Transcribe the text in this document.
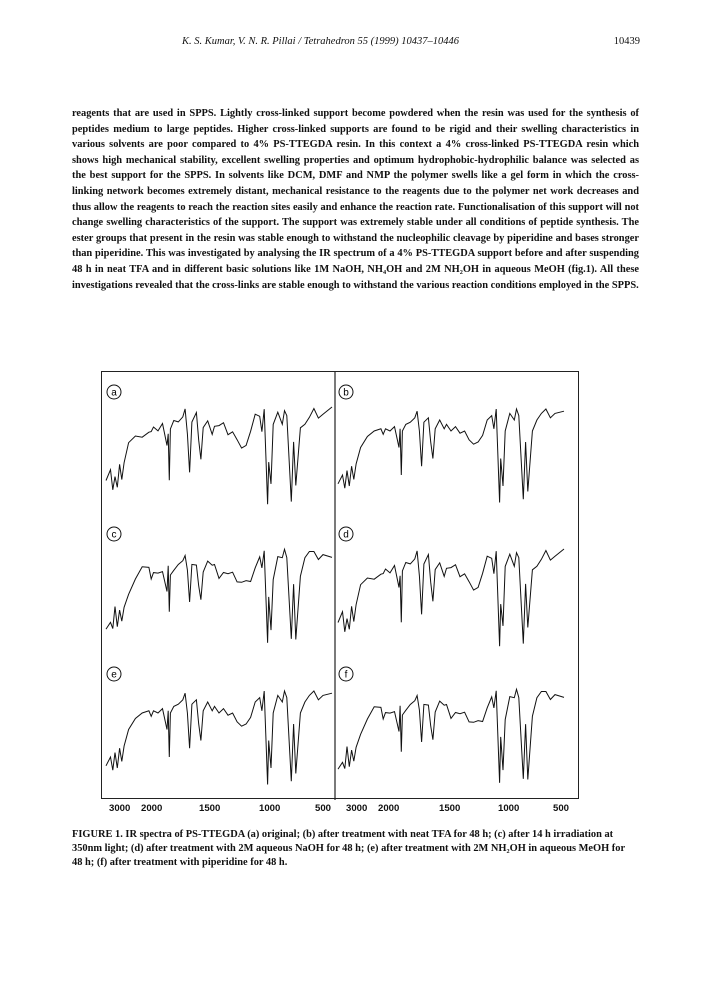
K. S. Kumar, V. N. R. Pillai / Tetrahedron 55 (1999) 10437–10446	10439

reagents that are used in SPPS. Lightly cross-linked support become powdered when the resin was used for the synthesis of peptides medium to large peptides. Higher cross-linked supports are found to be rigid and their swelling characteristics in various solvents are poor compared to 4% PS-TTEGDA resin. In this context a 4% cross-linked PS-TTEGDA resin which shows high mechanical stability, excellent swelling properties and optimum hydrophobic-hydrophilic balance was selected as the best support for the SPPS. In solvents like DCM, DMF and NMP the polymer swells like a gel form in which the cross-linking network becomes extremely distant, mechanical resistance to the reagents due to the polymer net work decreases and thus allow the reagents to reach the reaction sites easily and enhance the reaction rate. Functionalisation of this support will not change swelling characteristics of the support. The support was extremely stable under all conditions of peptide synthesis. The ester groups that present in the resin was stable enough to withstand the nucleophilic cleavage by piperidine and bases stronger than piperidine. This was investigated by analysing the IR spectrum of a 4% PS-TTEGDA support before and after suspending 48 h in neat TFA and in different basic solutions like 1M NaOH, NH₄OH and 2M NH₂OH in aqueous MeOH (fig.1). All these investigations revealed that the cross-links are stable enough to withstand the various reaction conditions employed in the SPPS.

a	b
c	d
e	f
3000 2000	1500	1000	500 3000 2000	1500	1000	500
FIGURE 1. IR spectra of PS-TTEGDA (a) original; (b) after treatment with neat TFA for 48 h; (c) after 14 h irradiation at 350nm light; (d) after treatment with 2M aqueous NaOH for 48 h; (e) after treatment with 2M NH₂OH in aqueous MeOH for 48 h; (f) after treatment with piperidine for 48 h.
